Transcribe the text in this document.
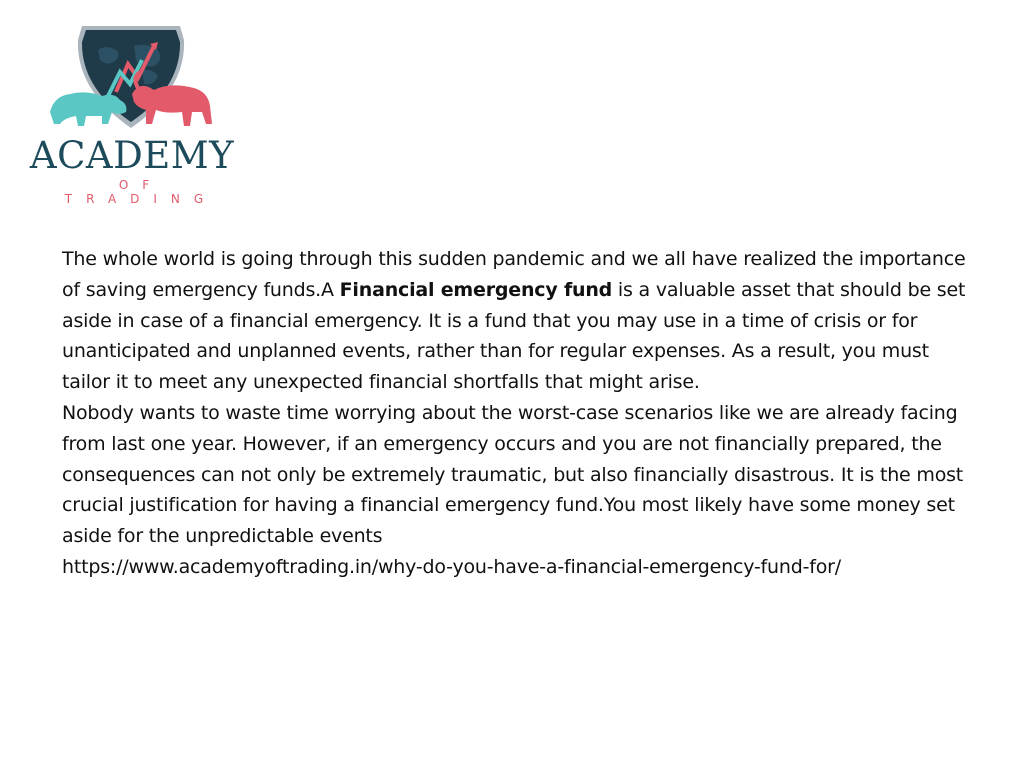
ACADEMY
OF TRADING

The whole world is going through this sudden pandemic and we all have realized the importance of saving emergency funds.A Financial emergency fund is a valuable asset that should be set aside in case of a financial emergency. It is a fund that you may use in a time of crisis or for unanticipated and unplanned events, rather than for regular expenses. As a result, you must tailor it to meet any unexpected financial shortfalls that might arise.

Nobody wants to waste time worrying about the worst-case scenarios like we are already facing from last one year. However, if an emergency occurs and you are not financially prepared, the consequences can not only be extremely traumatic, but also financially disastrous. It is the most crucial justification for having a financial emergency fund.You most likely have some money set aside for the unpredictable events

https://www.academyoftrading.in/why-do-you-have-a-financial-emergency-fund-for/
